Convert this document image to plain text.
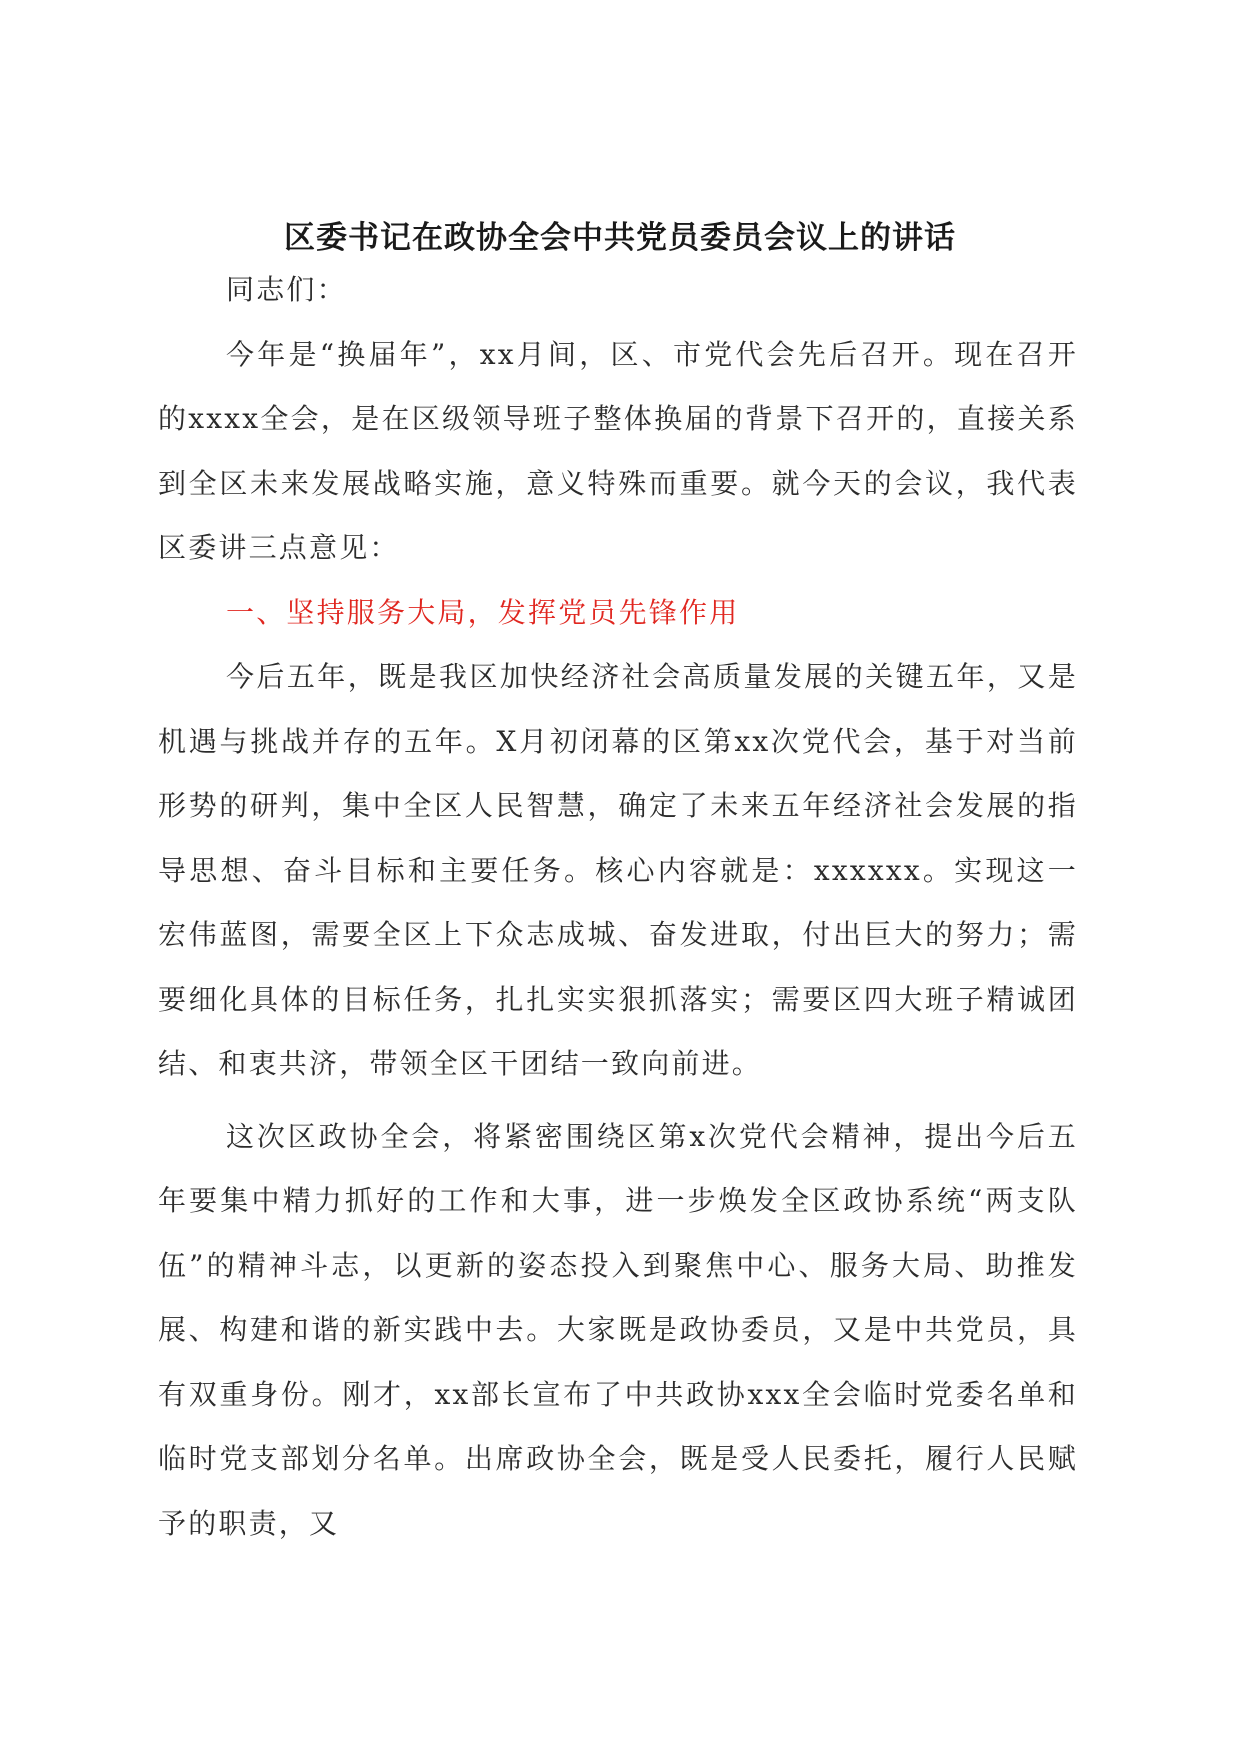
区委书记在政协全会中共党员委员会议上的讲话

同志们：

今年是“换届年”，xx月间，区、市党代会先后召开。现在召开的xxxx全会，是在区级领导班子整体换届的背景下召开的，直接关系到全区未来发展战略实施，意义特殊而重要。就今天的会议，我代表区委讲三点意见：

一、坚持服务大局，发挥党员先锋作用

今后五年，既是我区加快经济社会高质量发展的关键五年，又是机遇与挑战并存的五年。X月初闭幕的区第xx次党代会，基于对当前形势的研判，集中全区人民智慧，确定了未来五年经济社会发展的指导思想、奋斗目标和主要任务。核心内容就是：xxxxxx。实现这一宏伟蓝图，需要全区上下众志成城、奋发进取，付出巨大的努力；需要细化具体的目标任务，扎扎实实狠抓落实；需要区四大班子精诚团结、和衷共济，带领全区干团结一致向前进。

这次区政协全会，将紧密围绕区第x次党代会精神，提出今后五年要集中精力抓好的工作和大事，进一步焕发全区政协系统“两支队伍”的精神斗志，以更新的姿态投入到聚焦中心、服务大局、助推发展、构建和谐的新实践中去。大家既是政协委员，又是中共党员，具有双重身份。刚才，xx部长宣布了中共政协xxx全会临时党委名单和临时党支部划分名单。出席政协全会，既是受人民委托，履行人民赋予的职责，又
